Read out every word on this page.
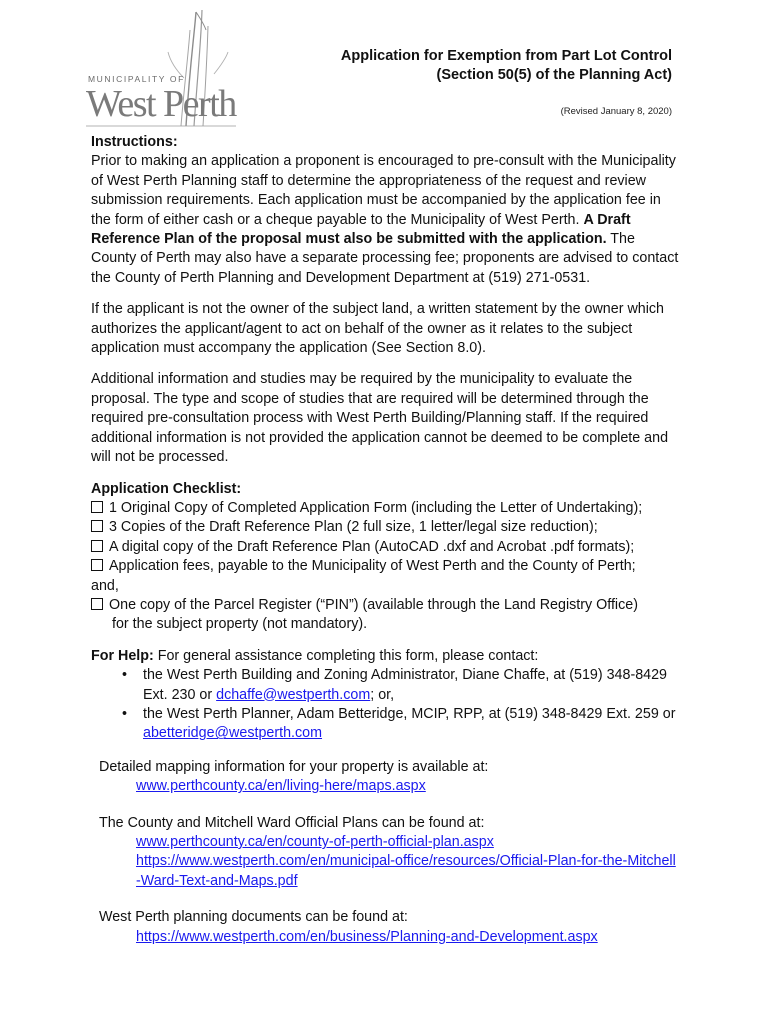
MUNICIPALITY OF
West Perth
Application for Exemption from Part Lot Control
(Section 50(5) of the Planning Act)
(Revised January 8, 2020)

Instructions:

Prior to making an application a proponent is encouraged to pre-consult with the Municipality of West Perth Planning staff to determine the appropriateness of the request and review submission requirements. Each application must be accompanied by the application fee in the form of either cash or a cheque payable to the Municipality of West Perth. A Draft Reference Plan of the proposal must also be submitted with the application. The County of Perth may also have a separate processing fee; proponents are advised to contact the County of Perth Planning and Development Department at (519) 271-0531.

If the applicant is not the owner of the subject land, a written statement by the owner which authorizes the applicant/agent to act on behalf of the owner as it relates to the subject application must accompany the application (See Section 8.0).

Additional information and studies may be required by the municipality to evaluate the proposal. The type and scope of studies that are required will be determined through the required pre-consultation process with West Perth Building/Planning staff. If the required additional information is not provided the application cannot be deemed to be complete and will not be processed.

Application Checklist:

1 Original Copy of Completed Application Form (including the Letter of Undertaking);
3 Copies of the Draft Reference Plan (2 full size, 1 letter/legal size reduction);
A digital copy of the Draft Reference Plan (AutoCAD .dxf and Acrobat .pdf formats);
Application fees, payable to the Municipality of West Perth and the County of Perth;
and,
One copy of the Parcel Register (“PIN”) (available through the Land Registry Office)
for the subject property (not mandatory).

For Help: For general assistance completing this form, please contact:

• the West Perth Building and Zoning Administrator, Diane Chaffe, at (519) 348-8429 Ext. 230 or dchaffe@westperth.com; or,
• the West Perth Planner, Adam Betteridge, MCIP, RPP, at (519) 348-8429 Ext. 259 or abetteridge@westperth.com

Detailed mapping information for your property is available at:

www.perthcounty.ca/en/living-here/maps.aspx

The County and Mitchell Ward Official Plans can be found at:

www.perthcounty.ca/en/county-of-perth-official-plan.aspx
https://www.westperth.com/en/municipal-office/resources/Official-Plan-for-the-Mitchell-Ward-Text-and-Maps.pdf

West Perth planning documents can be found at:

https://www.westperth.com/en/business/Planning-and-Development.aspx
